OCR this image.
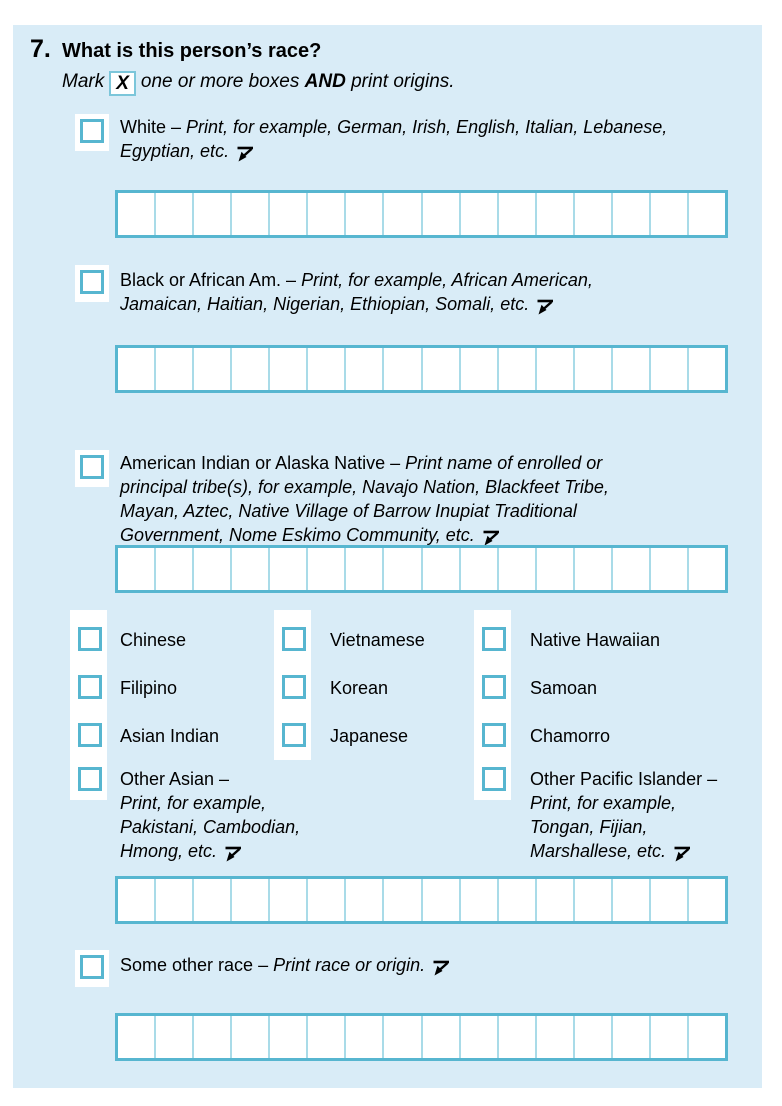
7. What is this person’s race?
Mark X one or more boxes AND print origins.
White – Print, for example, German, Irish, English, Italian, Lebanese, Egyptian, etc.
Black or African Am. – Print, for example, African American, Jamaican, Haitian, Nigerian, Ethiopian, Somali, etc.
American Indian or Alaska Native – Print name of enrolled or principal tribe(s), for example, Navajo Nation, Blackfeet Tribe, Mayan, Aztec, Native Village of Barrow Inupiat Traditional Government, Nome Eskimo Community, etc.
Chinese
Filipino
Asian Indian
Vietnamese
Korean
Japanese
Native Hawaiian
Samoan
Chamorro
Other Asian –
Print, for example, Pakistani, Cambodian, Hmong, etc.
Other Pacific Islander –
Print, for example, Tongan, Fijian, Marshallese, etc.
Some other race – Print race or origin.
